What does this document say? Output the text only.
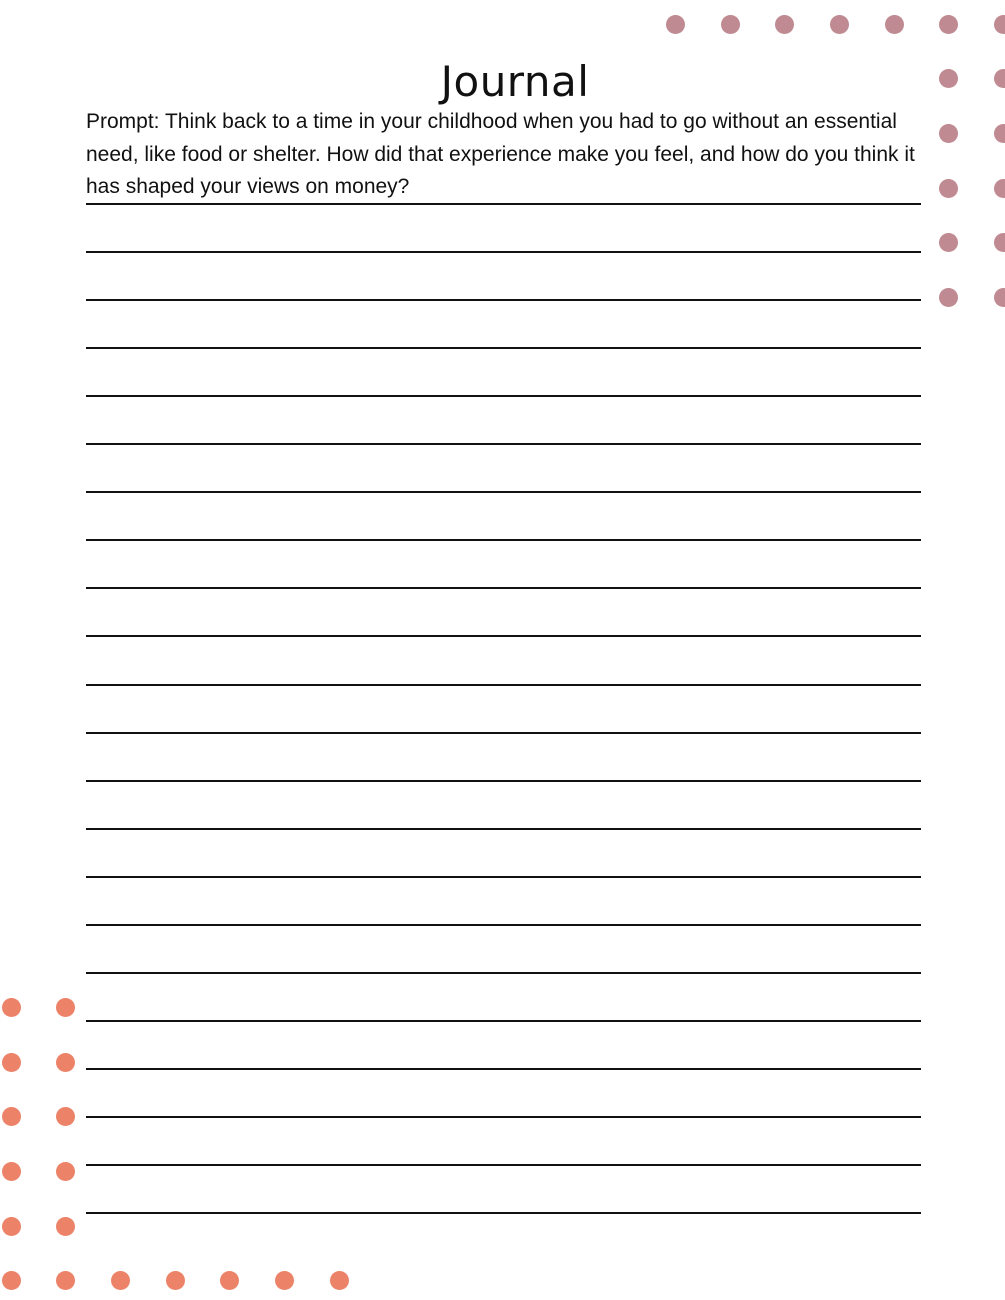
Journal

Prompt: Think back to a time in your childhood when you had to go without an essential need, like food or shelter. How did that experience make you feel, and how do you think it has shaped your views on money?
